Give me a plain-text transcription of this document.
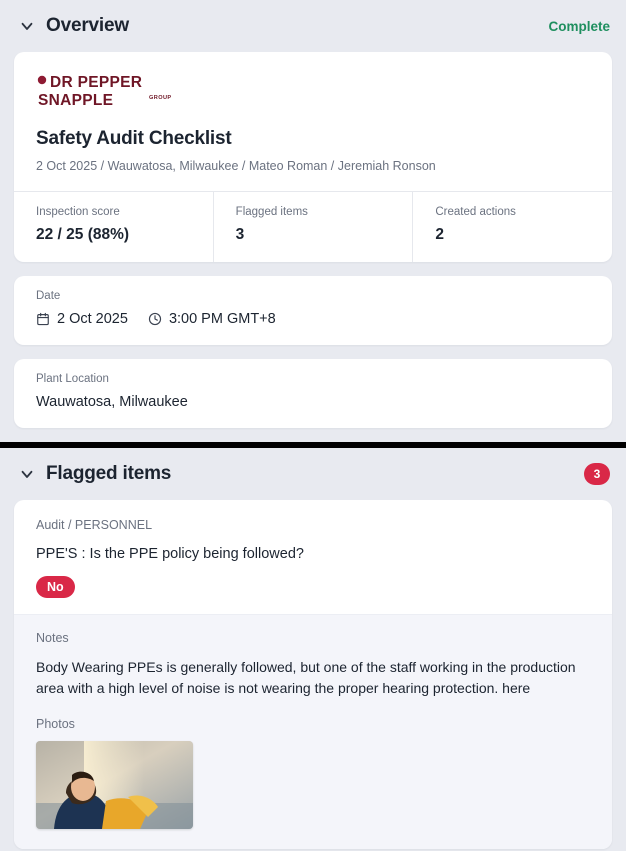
Overview	Complete
DR PEPPER
SNAPPLE	GROUP
Safety Audit Checklist
2 Oct 2025 / Wauwatosa, Milwaukee / Mateo Roman / Jeremiah Ronson
Inspection score
22 / 25 (88%)
Flagged items
3
Created actions
2
Date
2 Oct 2025	3:00 PM GMT+8
Plant Location
Wauwatosa, Milwaukee
Flagged items	3
Audit / PERSONNEL
PPE'S : Is the PPE policy being followed?
No
Notes
Body Wearing PPEs is generally followed, but one of the staff working in the production area with a high level of noise is not wearing the proper hearing protection. here
Photos
